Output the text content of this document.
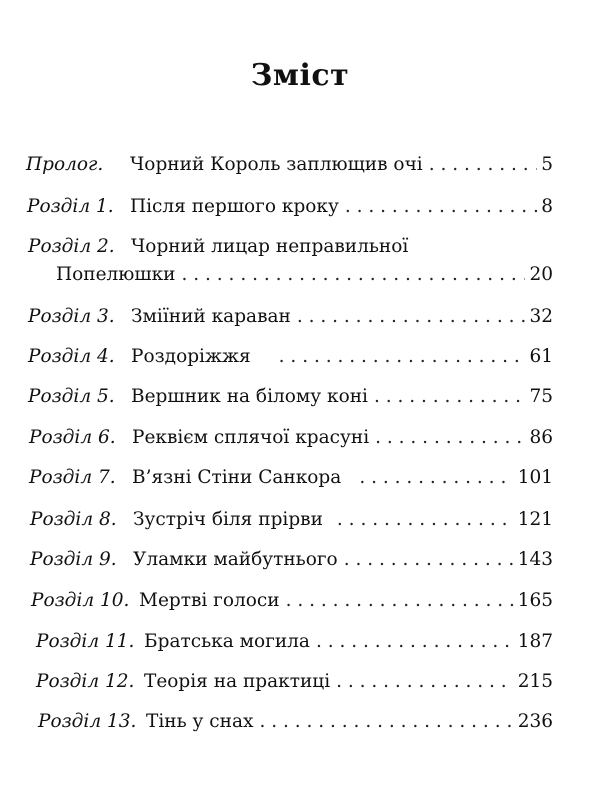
Зміст
Пролог.	Чорний Король заплющив очі . . .	5
Розділ 1. Після першого кроку . . .	8
Розділ 2. Чорний лицар неправильної
Попелюшки . . .	20
Розділ 3. Зміїний караван . . .	32
Розділ 4. Роздоріжжя . . .	61
Розділ 5. Вершник на білому коні . . .	75
Розділ 6. Реквієм сплячої красуні . . .	86
Розділ 7. В’язні Стіни Санкора . . .	101
Розділ 8. Зустріч біля прірви . . .	121
Розділ 9. Уламки майбутнього . . .	143
Розділ 10. Мертві голоси . . .	165
Розділ 11. Братська могила . . .	187
Розділ 12. Теорія на практиці . . .	215
Розділ 13. Тінь у снах . . .	236
